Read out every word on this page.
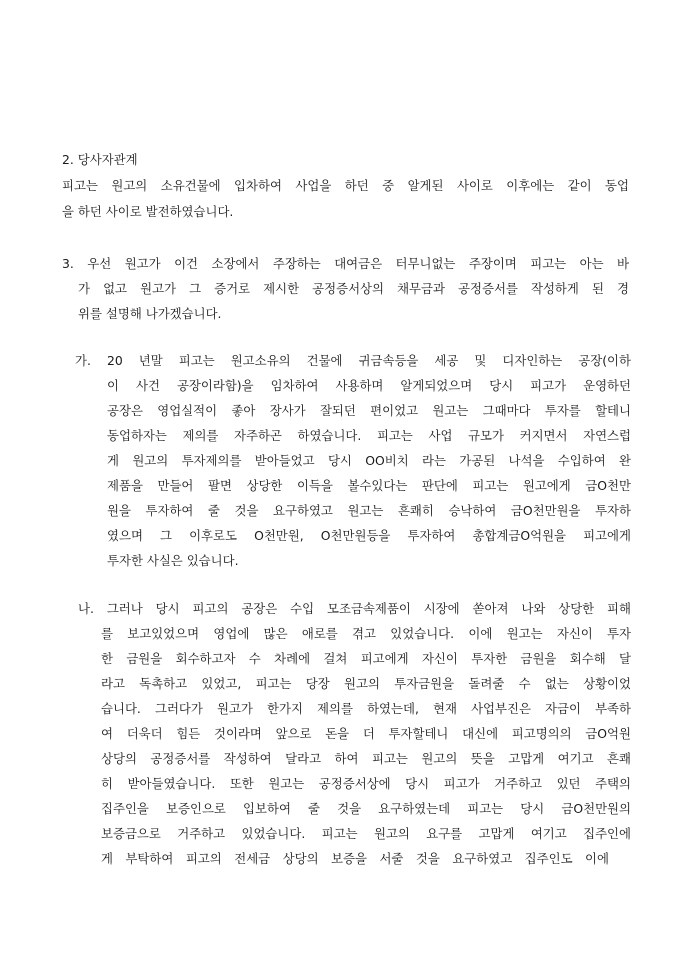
2. 당사자관계
피고는 원고의 소유건물에 입차하여 사업을 하던 중 알게된 사이로 이후에는 같이 동업
을 하던 사이로 발전하였습니다.
3. 우선 원고가 이건 소장에서 주장하는 대여금은 터무니없는 주장이며 피고는 아는 바
가 없고 원고가 그 증거로 제시한 공정증서상의 채무금과 공정증서를 작성하게 된 경
위를 설명해 나가겠습니다.
가. 20 년말 피고는 원고소유의 건물에 귀금속등을 세공 및 디자인하는 공장(이하
이 사건 공장이라함)을 임차하여 사용하며 알게되었으며 당시 피고가 운영하던
공장은 영업실적이 좋아 장사가 잘되던 편이었고 원고는 그때마다 투자를 할테니
동업하자는 제의를 자주하곤 하였습니다. 피고는 사업 규모가 커지면서 자연스럽
게 원고의 투자제의를 받아들었고 당시 OO비치 라는 가공된 나석을 수입하여 완
제품을 만들어 팔면 상당한 이득을 볼수있다는 판단에 피고는 원고에게 금O천만
원을 투자하여 줄 것을 요구하였고 원고는 흔쾌히 승낙하여 금O천만원을 투자하
였으며 그 이후로도 O천만원, O천만원등을 투자하여 총합계금O억원을 피고에게
투자한 사실은 있습니다.
나. 그러나 당시 피고의 공장은 수입 모조금속제품이 시장에 쏟아져 나와 상당한 피해
를 보고있었으며 영업에 많은 애로를 겪고 있었습니다. 이에 원고는 자신이 투자
한 금원을 회수하고자 수 차례에 걸쳐 피고에게 자신이 투자한 금원을 회수해 달
라고 독촉하고 있었고, 피고는 당장 원고의 투자금원을 돌려줄 수 없는 상황이었
습니다. 그러다가 원고가 한가지 제의를 하였는데, 현재 사업부진은 자금이 부족하
여 더욱더 힘든 것이라며 앞으로 돈을 더 투자할테니 대신에 피고명의의 금O억원
상당의 공정증서를 작성하여 달라고 하여 피고는 원고의 뜻을 고맙게 여기고 흔쾌
히 받아들였습니다. 또한 원고는 공정증서상에 당시 피고가 거주하고 있던 주택의
집주인을 보증인으로 입보하여 줄 것을 요구하였는데 피고는 당시 금O천만원의
보증금으로 거주하고 있었습니다. 피고는 원고의 요구를 고맙게 여기고 집주인에
게 부탁하여 피고의 전세금 상당의 보증을 서줄 것을 요구하였고 집주인도 이에
